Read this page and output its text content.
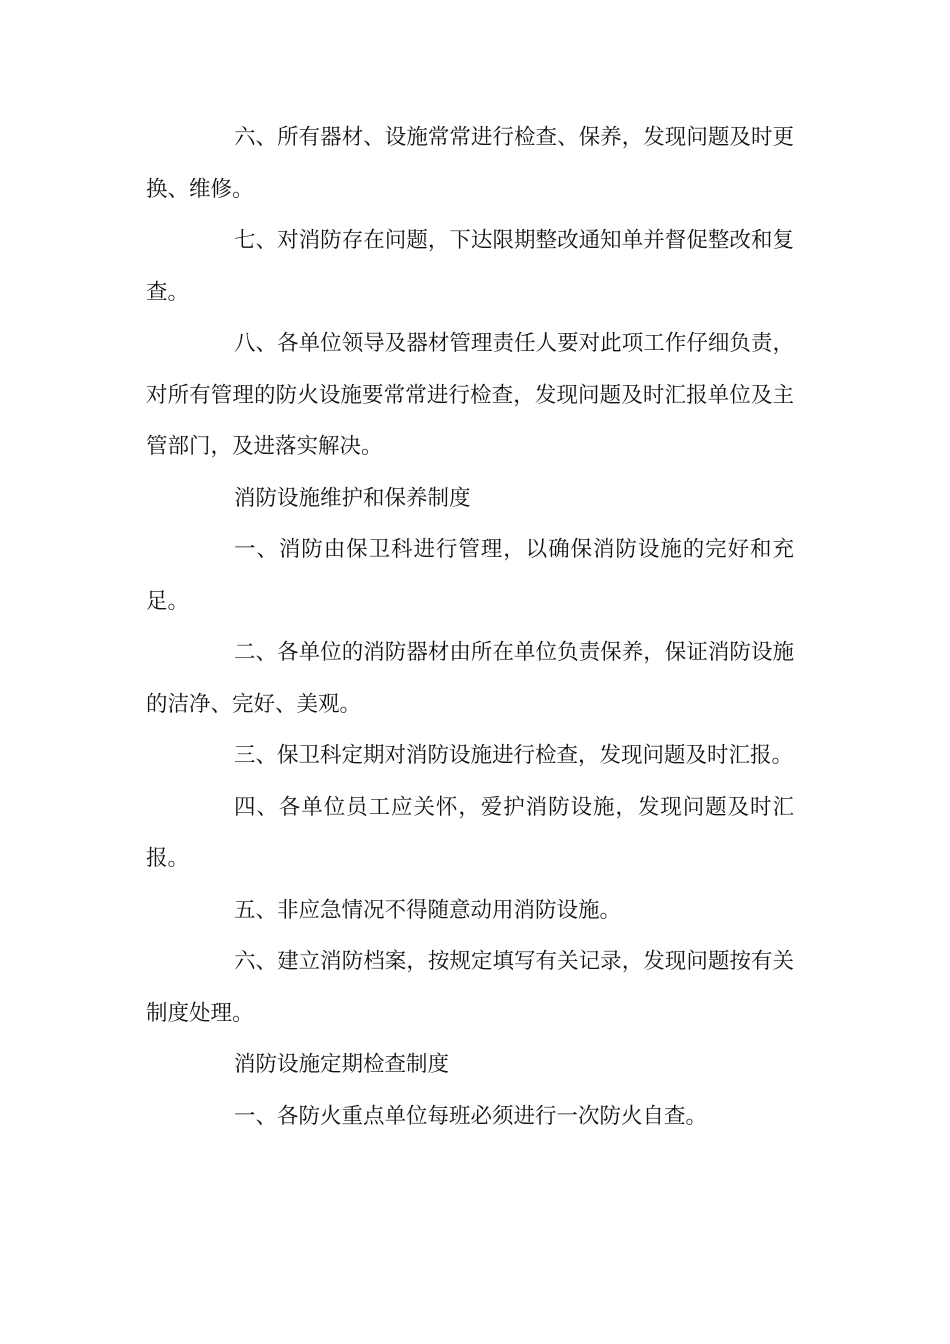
六、所有器材、设施常常进行检查、保养，发现问题及时更换、维修。

七、对消防存在问题，下达限期整改通知单并督促整改和复查。

八、各单位领导及器材管理责任人要对此项工作仔细负责，对所有管理的防火设施要常常进行检查，发现问题及时汇报单位及主管部门，及进落实解决。

消防设施维护和保养制度

一、消防由保卫科进行管理，以确保消防设施的完好和充足。

二、各单位的消防器材由所在单位负责保养，保证消防设施的洁净、完好、美观。

三、保卫科定期对消防设施进行检查，发现问题及时汇报。

四、各单位员工应关怀，爱护消防设施，发现问题及时汇报。

五、非应急情况不得随意动用消防设施。

六、建立消防档案，按规定填写有关记录，发现问题按有关制度处理。

消防设施定期检查制度

一、各防火重点单位每班必须进行一次防火自查。
